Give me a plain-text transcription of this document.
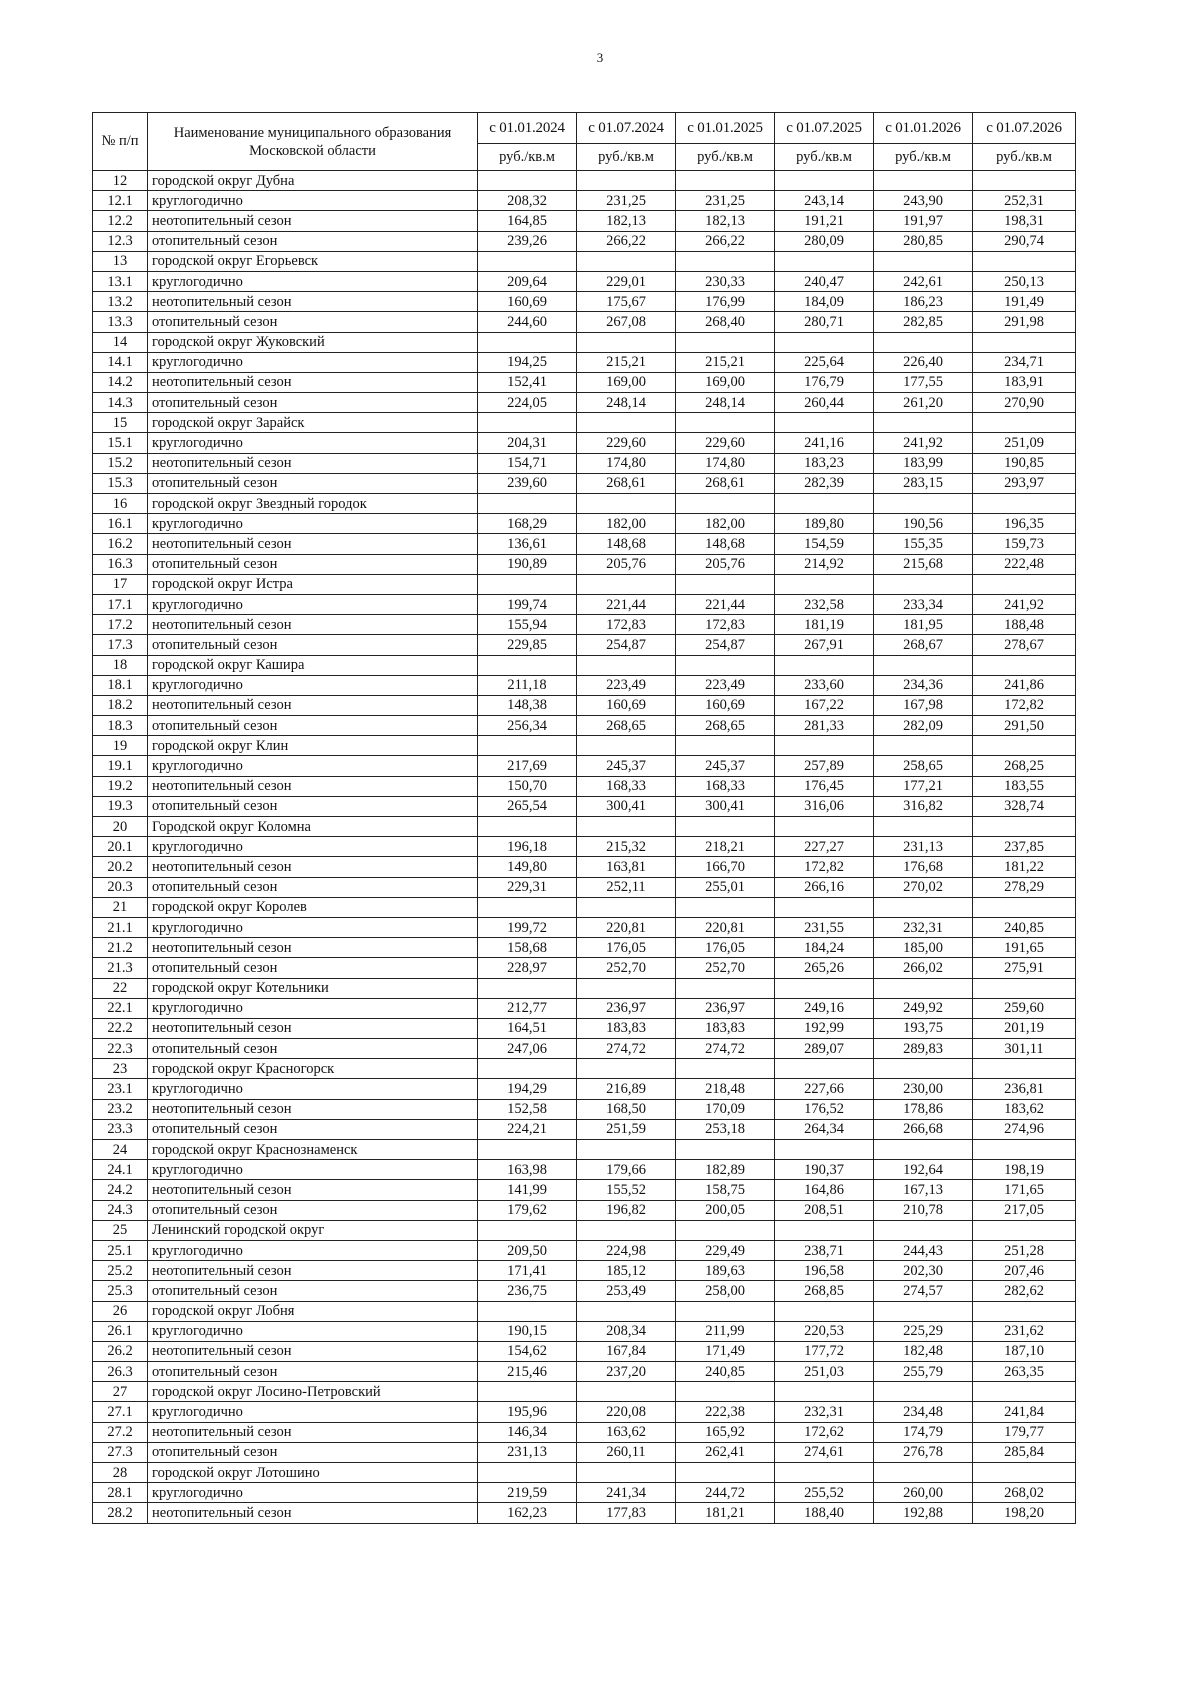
3
№ п/п	Наименование муниципального образования Московской области	с 01.01.2024	с 01.07.2024	с 01.01.2025	с 01.07.2025	с 01.01.2026	с 01.07.2026
		руб./кв.м	руб./кв.м	руб./кв.м	руб./кв.м	руб./кв.м	руб./кв.м
12	городской округ Дубна						
12.1	круглогодично	208,32	231,25	231,25	243,14	243,90	252,31
12.2	неотопительный сезон	164,85	182,13	182,13	191,21	191,97	198,31
12.3	отопительный сезон	239,26	266,22	266,22	280,09	280,85	290,74
13	городской округ Егорьевск						
13.1	круглогодично	209,64	229,01	230,33	240,47	242,61	250,13
13.2	неотопительный сезон	160,69	175,67	176,99	184,09	186,23	191,49
13.3	отопительный сезон	244,60	267,08	268,40	280,71	282,85	291,98
14	городской округ Жуковский						
14.1	круглогодично	194,25	215,21	215,21	225,64	226,40	234,71
14.2	неотопительный сезон	152,41	169,00	169,00	176,79	177,55	183,91
14.3	отопительный сезон	224,05	248,14	248,14	260,44	261,20	270,90
15	городской округ Зарайск						
15.1	круглогодично	204,31	229,60	229,60	241,16	241,92	251,09
15.2	неотопительный сезон	154,71	174,80	174,80	183,23	183,99	190,85
15.3	отопительный сезон	239,60	268,61	268,61	282,39	283,15	293,97
16	городской округ Звездный городок						
16.1	круглогодично	168,29	182,00	182,00	189,80	190,56	196,35
16.2	неотопительный сезон	136,61	148,68	148,68	154,59	155,35	159,73
16.3	отопительный сезон	190,89	205,76	205,76	214,92	215,68	222,48
17	городской округ Истра						
17.1	круглогодично	199,74	221,44	221,44	232,58	233,34	241,92
17.2	неотопительный сезон	155,94	172,83	172,83	181,19	181,95	188,48
17.3	отопительный сезон	229,85	254,87	254,87	267,91	268,67	278,67
18	городской округ Кашира						
18.1	круглогодично	211,18	223,49	223,49	233,60	234,36	241,86
18.2	неотопительный сезон	148,38	160,69	160,69	167,22	167,98	172,82
18.3	отопительный сезон	256,34	268,65	268,65	281,33	282,09	291,50
19	городской округ Клин						
19.1	круглогодично	217,69	245,37	245,37	257,89	258,65	268,25
19.2	неотопительный сезон	150,70	168,33	168,33	176,45	177,21	183,55
19.3	отопительный сезон	265,54	300,41	300,41	316,06	316,82	328,74
20	Городской округ Коломна						
20.1	круглогодично	196,18	215,32	218,21	227,27	231,13	237,85
20.2	неотопительный сезон	149,80	163,81	166,70	172,82	176,68	181,22
20.3	отопительный сезон	229,31	252,11	255,01	266,16	270,02	278,29
21	городской округ Королев						
21.1	круглогодично	199,72	220,81	220,81	231,55	232,31	240,85
21.2	неотопительный сезон	158,68	176,05	176,05	184,24	185,00	191,65
21.3	отопительный сезон	228,97	252,70	252,70	265,26	266,02	275,91
22	городской округ Котельники						
22.1	круглогодично	212,77	236,97	236,97	249,16	249,92	259,60
22.2	неотопительный сезон	164,51	183,83	183,83	192,99	193,75	201,19
22.3	отопительный сезон	247,06	274,72	274,72	289,07	289,83	301,11
23	городской округ Красногорск						
23.1	круглогодично	194,29	216,89	218,48	227,66	230,00	236,81
23.2	неотопительный сезон	152,58	168,50	170,09	176,52	178,86	183,62
23.3	отопительный сезон	224,21	251,59	253,18	264,34	266,68	274,96
24	городской округ Краснознаменск						
24.1	круглогодично	163,98	179,66	182,89	190,37	192,64	198,19
24.2	неотопительный сезон	141,99	155,52	158,75	164,86	167,13	171,65
24.3	отопительный сезон	179,62	196,82	200,05	208,51	210,78	217,05
25	Ленинский городской округ						
25.1	круглогодично	209,50	224,98	229,49	238,71	244,43	251,28
25.2	неотопительный сезон	171,41	185,12	189,63	196,58	202,30	207,46
25.3	отопительный сезон	236,75	253,49	258,00	268,85	274,57	282,62
26	городской округ Лобня						
26.1	круглогодично	190,15	208,34	211,99	220,53	225,29	231,62
26.2	неотопительный сезон	154,62	167,84	171,49	177,72	182,48	187,10
26.3	отопительный сезон	215,46	237,20	240,85	251,03	255,79	263,35
27	городской округ Лосино-Петровский						
27.1	круглогодично	195,96	220,08	222,38	232,31	234,48	241,84
27.2	неотопительный сезон	146,34	163,62	165,92	172,62	174,79	179,77
27.3	отопительный сезон	231,13	260,11	262,41	274,61	276,78	285,84
28	городской округ Лотошино						
28.1	круглогодично	219,59	241,34	244,72	255,52	260,00	268,02
28.2	неотопительный сезон	162,23	177,83	181,21	188,40	192,88	198,20
